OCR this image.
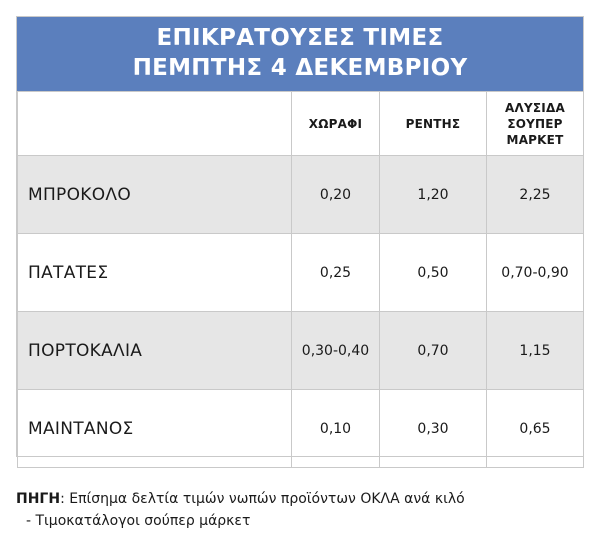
ΕΠΙΚΡΑΤΟΥΣΕΣ ΤΙΜΕΣ
ΠΕΜΠΤΗΣ 4 ΔΕΚΕΜΒΡΙΟΥ
	ΧΩΡΑΦΙ	ΡΕΝΤΗΣ	ΑΛΥΣΙΔΑ
ΣΟΥΠΕΡ
ΜΑΡΚΕΤ

ΜΠΡΟΚΟΛΟ	0,20	1,20	2,25
ΠΑΤΑΤΕΣ	0,25	0,50	0,70-0,90
ΠΟΡΤΟΚΑΛΙΑ	0,30-0,40	0,70	1,15
ΜΑΙΝΤΑΝΟΣ	0,10	0,30	0,65
ΠΗΓΗ: Επίσημα δελτία τιμών νωπών προϊόντων ΟΚΛΑ ανά κιλό
- Τιμοκατάλογοι σούπερ μάρκετ
